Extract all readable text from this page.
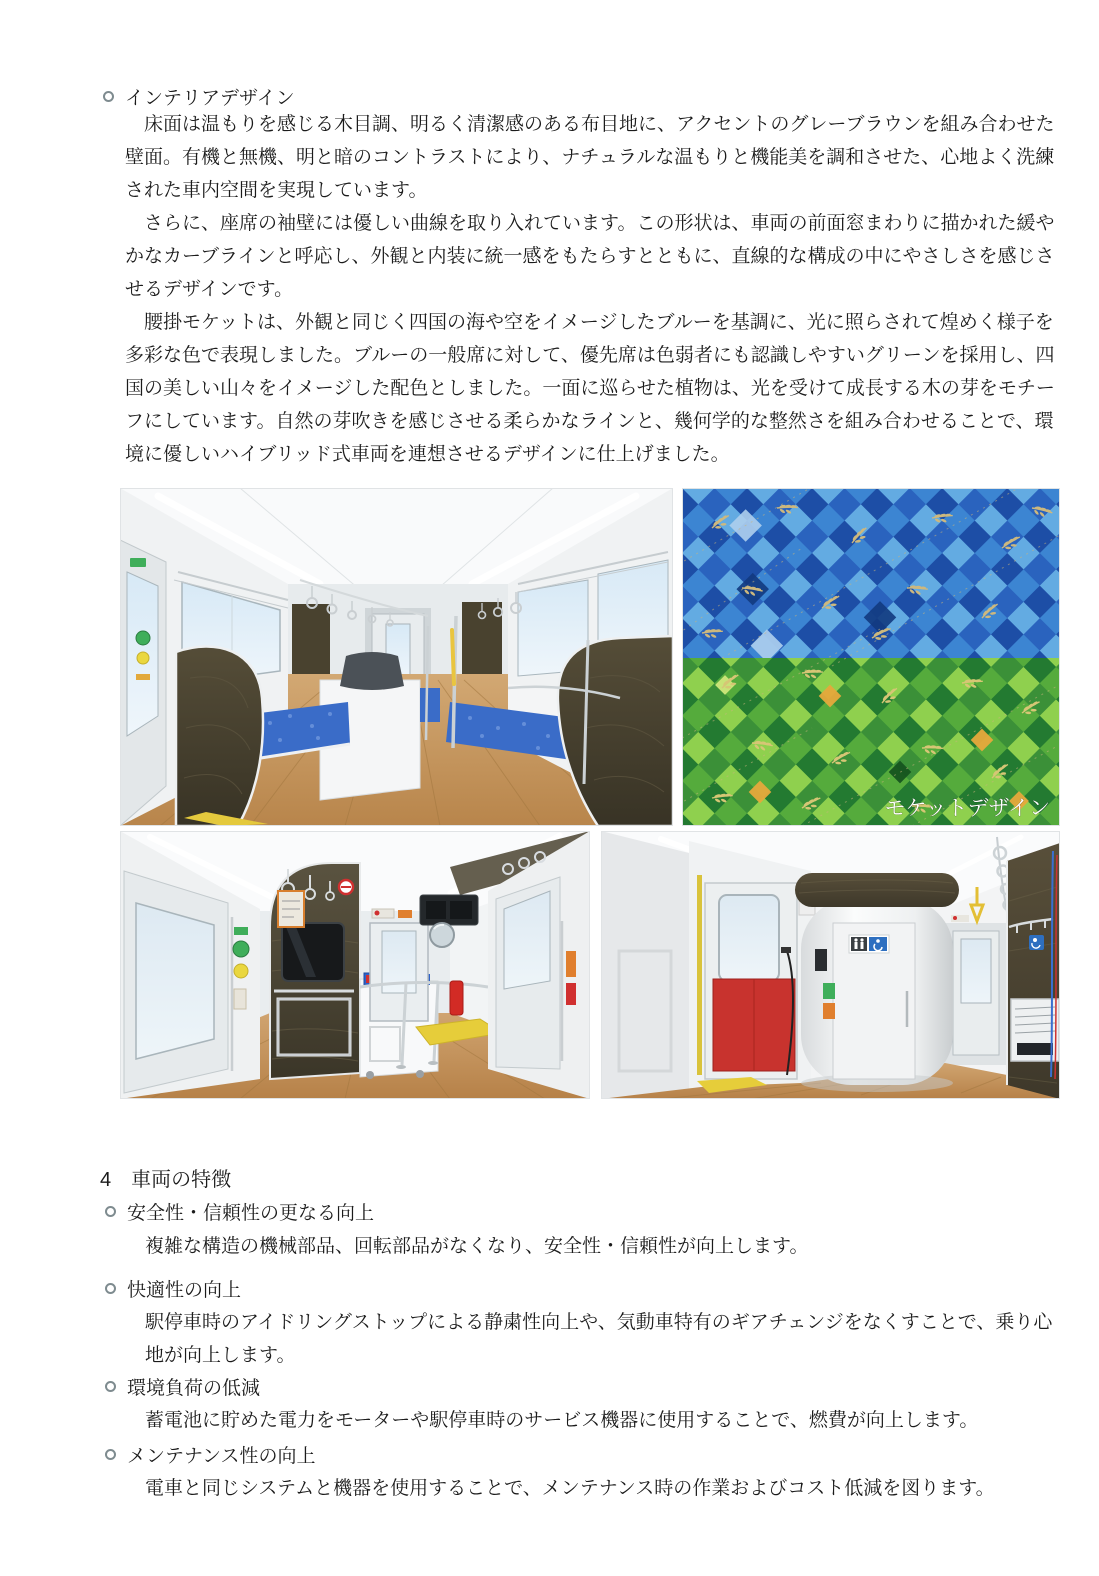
インテリアデザイン

床面は温もりを感じる木目調、明るく清潔感のある布目地に、アクセントのグレーブラウンを組み合わせた壁面。有機と無機、明と暗のコントラストにより、ナチュラルな温もりと機能美を調和させた、心地よく洗練された車内空間を実現しています。

さらに、座席の袖壁には優しい曲線を取り入れています。この形状は、車両の前面窓まわりに描かれた緩やかなカーブラインと呼応し、外観と内装に統一感をもたらすとともに、直線的な構成の中にやさしさを感じさせるデザインです。

腰掛モケットは、外観と同じく四国の海や空をイメージしたブルーを基調に、光に照らされて煌めく様子を多彩な色で表現しました。ブルーの一般席に対して、優先席は色弱者にも認識しやすいグリーンを採用し、四国の美しい山々をイメージした配色としました。一面に巡らせた植物は、光を受けて成長する木の芽をモチーフにしています。自然の芽吹きを感じさせる柔らかなラインと、幾何学的な整然さを組み合わせることで、環境に優しいハイブリッド式車両を連想させるデザインに仕上げました。

モケットデザイン
4　車両の特徴
安全性・信頼性の更なる向上
複雑な構造の機械部品、回転部品がなくなり、安全性・信頼性が向上します。
快適性の向上
駅停車時のアイドリングストップによる静粛性向上や、気動車特有のギアチェンジをなくすことで、乗り心地が向上します。
環境負荷の低減
蓄電池に貯めた電力をモーターや駅停車時のサービス機器に使用することで、燃費が向上します。
メンテナンス性の向上
電車と同じシステムと機器を使用することで、メンテナンス時の作業およびコスト低減を図ります。
